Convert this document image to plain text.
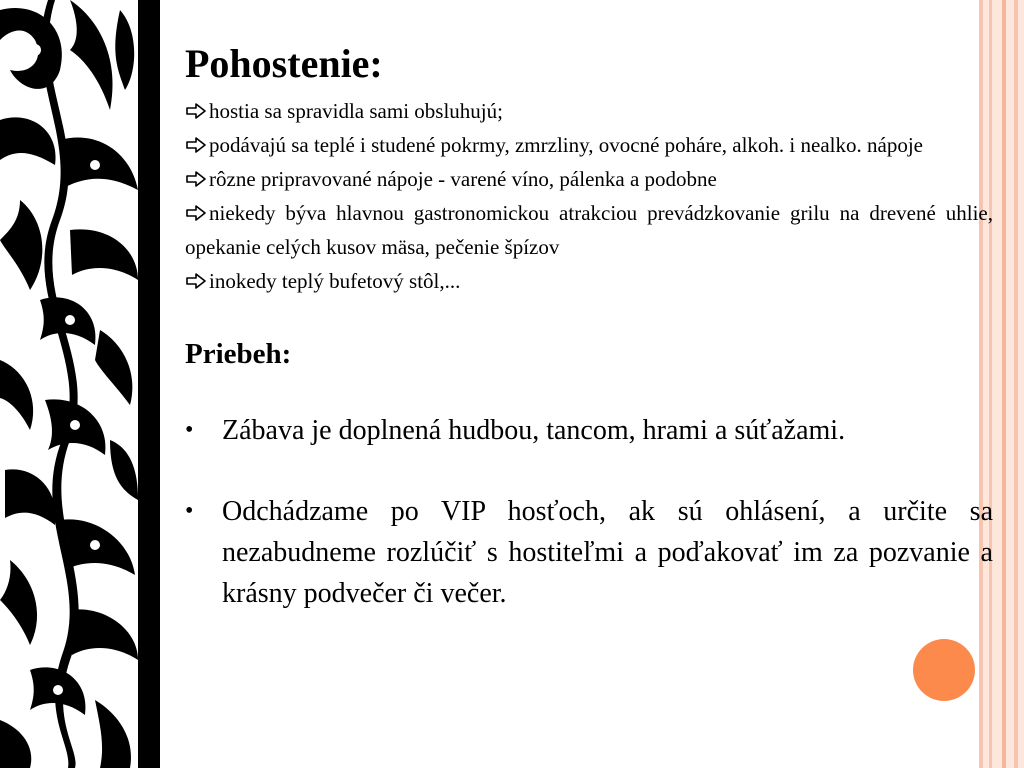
Pohostenie:
hostia sa spravidla sami obsluhujú;
podávajú sa teplé i studené pokrmy, zmrzliny, ovocné poháre, alkoh. i nealko. nápoje
rôzne pripravované nápoje - varené víno, pálenka a podobne
niekedy býva hlavnou gastronomickou atrakciou prevádzkovanie grilu na drevené uhlie, opekanie celých kusov mäsa, pečenie špízov
inokedy teplý bufetový stôl,...
Priebeh:
• Zábava je doplnená hudbou, tancom, hrami a súťažami.
• Odchádzame po VIP hosťoch, ak sú ohlásení, a určite sa nezabudneme rozlúčiť s hostiteľmi a poďakovať im za pozvanie a krásny podvečer či večer.
